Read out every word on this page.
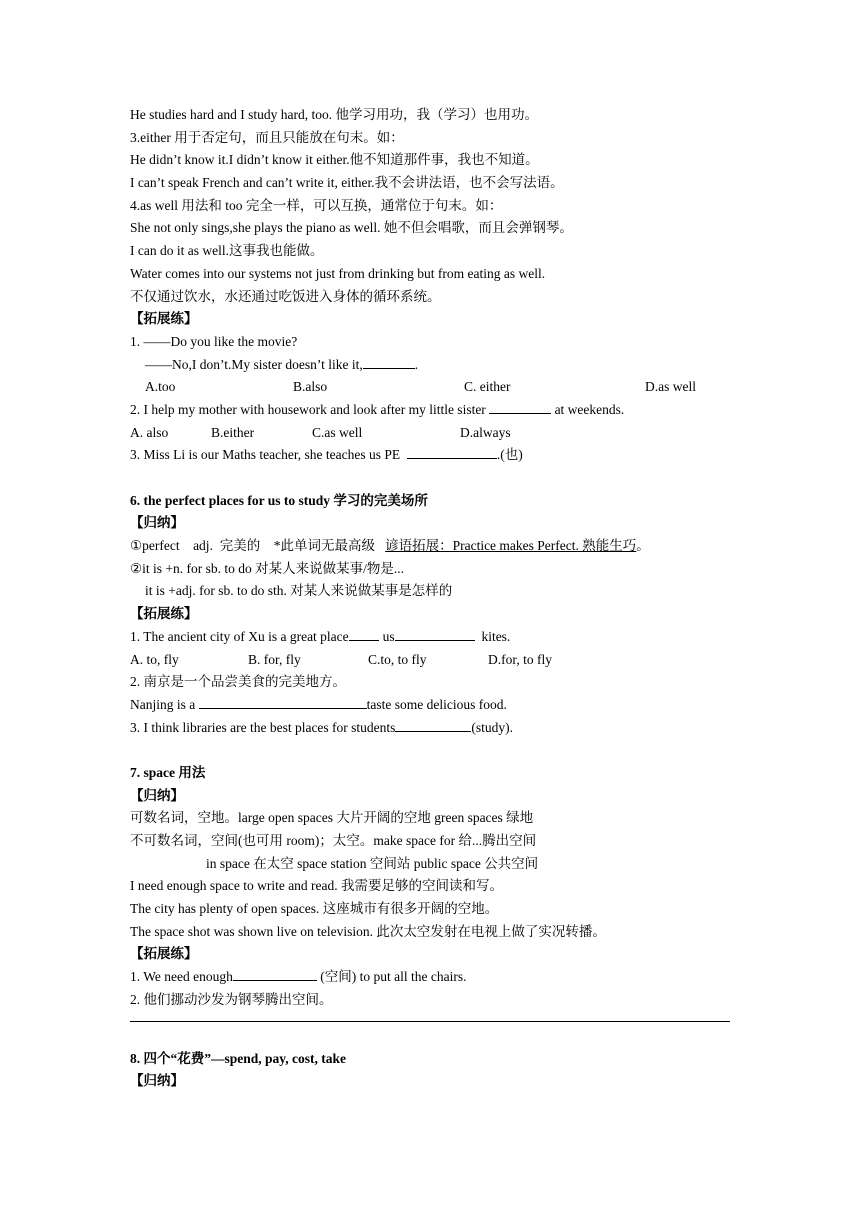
He studies hard and I study hard, too. 他学习用功，我（学习）也用功。
3.either 用于否定句，而且只能放在句末。如：
He didn’t know it.I didn’t know it either.他不知道那件事，我也不知道。
I can’t speak French and can’t write it, either.我不会讲法语，也不会写法语。
4.as well 用法和 too 完全一样，可以互换，通常位于句末。如：
She not only sings,she plays the piano as well. 她不但会唱歌，而且会弹钢琴。
I can do it as well.这事我也能做。
Water comes into our systems not just from drinking but from eating as well.
不仅通过饮水，水还通过吃饭进入身体的循环系统。
【拓展练】
1. ——Do you like the movie?
——No,I don’t.My sister doesn’t like it,	.
A.too	B.also	C. either	D.as well
2. I help my mother with housework and look after my little sister	at weekends.
A. also	B.either	C.as well	D.always
3. Miss Li is our Maths teacher, she teaches us PE	.(也)
6. the perfect places for us to study 学习的完美场所
【归纳】
①perfect    adj.  完美的    *此单词无最高级   谚语拓展：Practice makes Perfect. 熟能生巧。
②it is +n. for sb. to do 对某人来说做某事/物是...
it is +adj. for sb. to do sth. 对某人来说做某事是怎样的
【拓展练】
1. The ancient city of Xu is a great place	us	kites.
A. to, fly	B. for, fly	C.to, to fly	D.for, to fly
2. 南京是一个品尝美食的完美地方。
Nanjing is a	taste some delicious food.
3. I think libraries are the best places for students	(study).
7. space 用法
【归纳】
可数名词，空地。large open spaces 大片开阔的空地 green spaces 绿地
不可数名词，空间(也可用 room)；太空。make space for 给...腾出空间
in space 在太空 space station 空间站 public space 公共空间
I need enough space to write and read. 我需要足够的空间读和写。
The city has plenty of open spaces. 这座城市有很多开阔的空地。
The space shot was shown live on television. 此次太空发射在电视上做了实况转播。
【拓展练】
1. We need enough	(空间) to put all the chairs.
2. 他们挪动沙发为钢琴腾出空间。
8. 四个“花费”—spend, pay, cost, take
【归纳】
